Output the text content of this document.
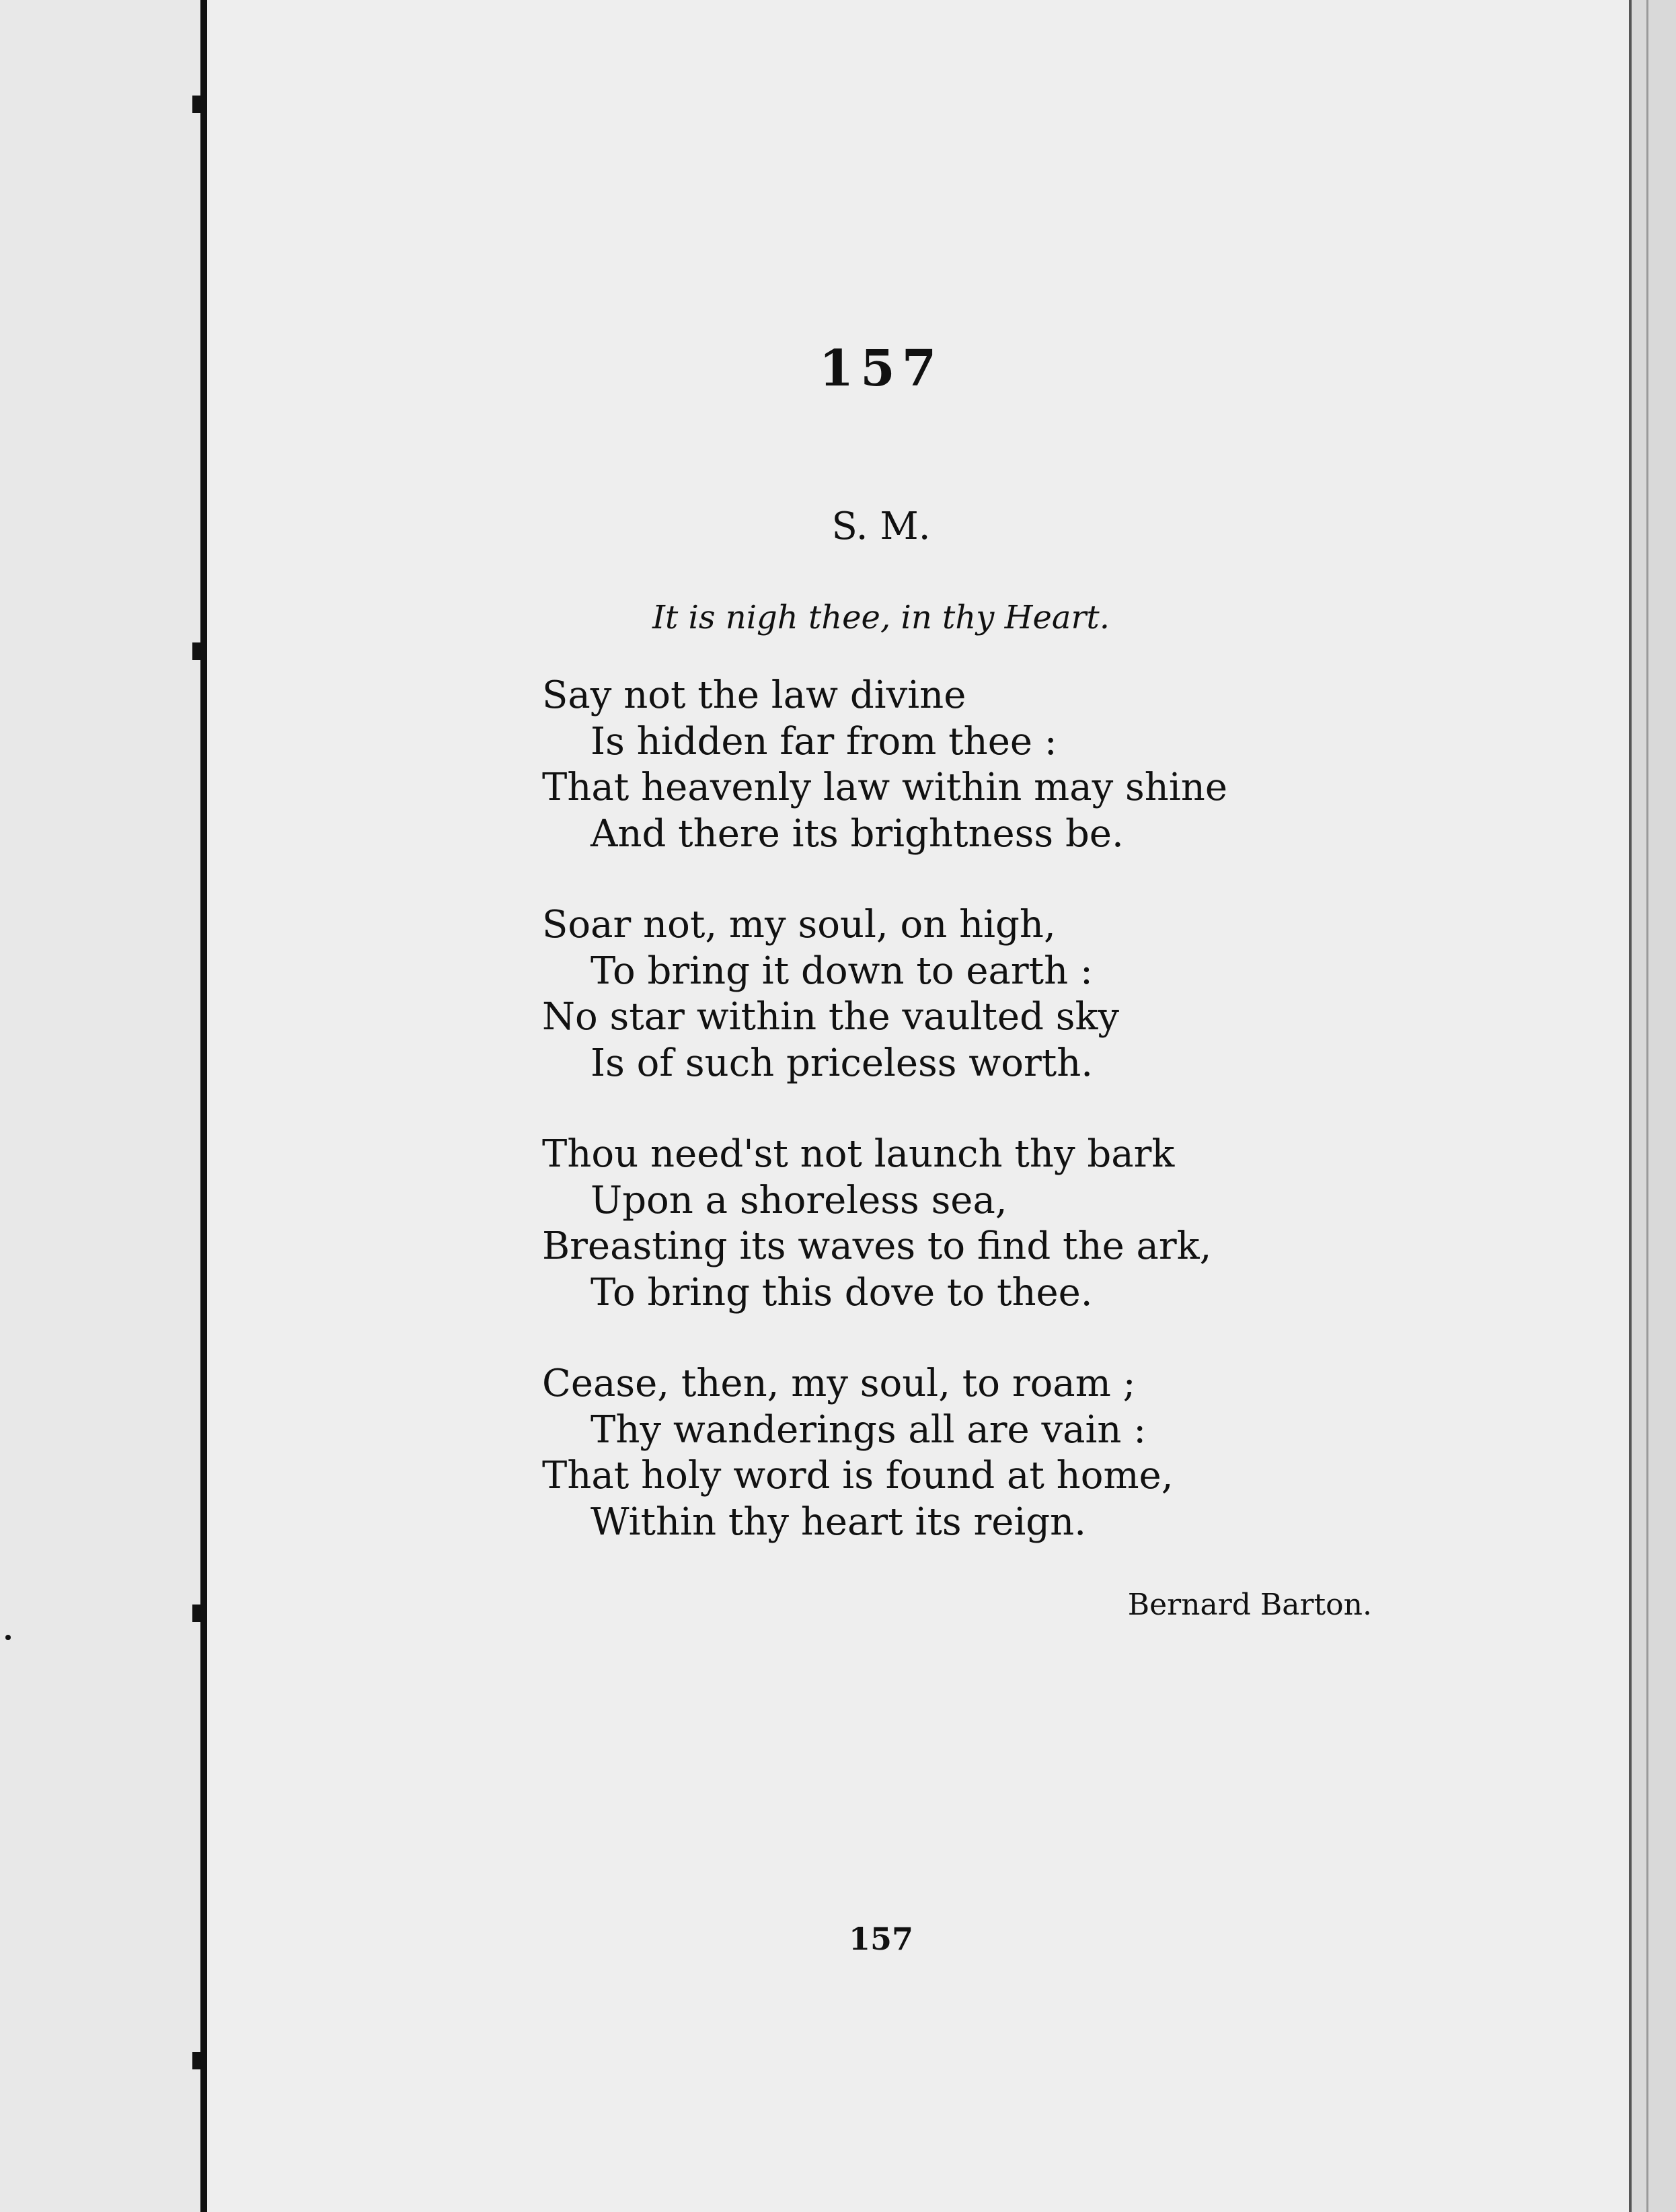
157
S. M.
It is nigh thee, in thy Heart.
Say not the law divine
Is hidden far from thee :
That heavenly law within may shine
And there its brightness be.
Soar not, my soul, on high,
To bring it down to earth :
No star within the vaulted sky
Is of such priceless worth.
Thou need'st not launch thy bark
Upon a shoreless sea,
Breasting its waves to find the ark,
To bring this dove to thee.
Cease, then, my soul, to roam ;
Thy wanderings all are vain :
That holy word is found at home,
Within thy heart its reign.
Bernard Barton.
157
